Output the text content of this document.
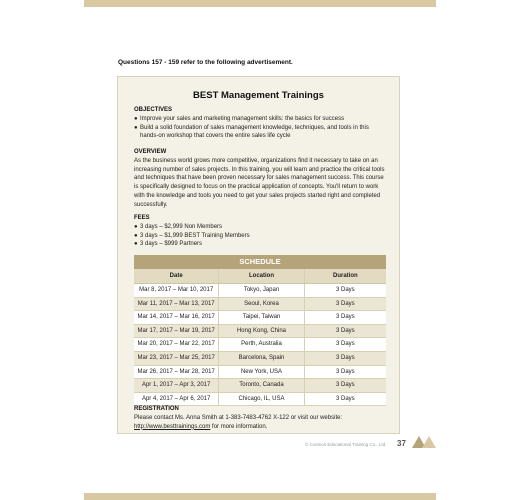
Questions 157 - 159 refer to the following advertisement.
BEST Management Trainings
OBJECTIVES
● Improve your sales and marketing management skills: the basics for success
● Build a solid foundation of sales management knowledge, techniques, and tools in this hands-on workshop that covers the entire sales life cycle
OVERVIEW
As the business world grows more competitive, organizations find it necessary to take on an increasing number of sales projects. In this training, you will learn and practice the critical tools and techniques that have been proven necessary for sales management success. This course is specifically designed to focus on the practical application of concepts. You'll return to work with the knowledge and tools you need to get your sales projects started right and completed successfully.
FEES
● 3 days – $2,999 Non Members
● 3 days – $1,999 BEST Training Members
● 3 days – $999 Partners
SCHEDULE
Date	Location	Duration
Mar 8, 2017 – Mar 10, 2017	Tokyo, Japan	3 Days
Mar 11, 2017 – Mar 13, 2017	Seoul, Korea	3 Days
Mar 14, 2017 – Mar 16, 2017	Taipei, Taiwan	3 Days
Mar 17, 2017 – Mar 19, 2017	Hong Kong, China	3 Days
Mar 20, 2017 – Mar 22, 2017	Perth, Australia	3 Days
Mar 23, 2017 – Mar 25, 2017	Barcelona, Spain	3 Days
Mar 26, 2017 – Mar 28, 2017	New York, USA	3 Days
Apr 1, 2017 – Apr 3, 2017	Toronto, Canada	3 Days
Apr 4, 2017 – Apr 6, 2017	Chicago, IL, USA	3 Days
REGISTRATION
Please contact Ms. Anna Smith at 1-383-7483-4762 X-122 or visit our website: http://www.besttrainings.com for more information.
© Cosmos Educational Training Co., Ltd. 37
